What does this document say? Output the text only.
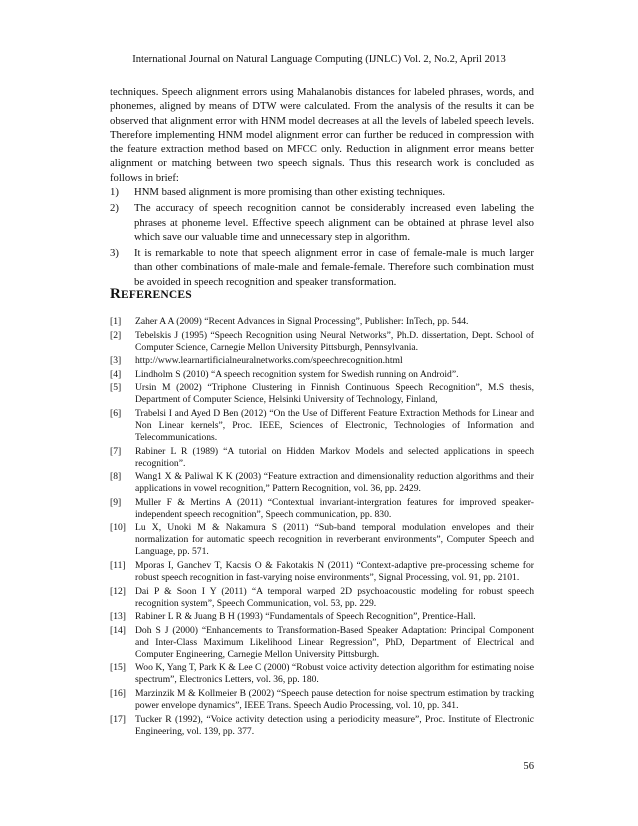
International Journal on Natural Language Computing (IJNLC) Vol. 2, No.2, April 2013

techniques. Speech alignment errors using Mahalanobis distances for labeled phrases, words, and phonemes, aligned by means of DTW were calculated. From the analysis of the results it can be observed that alignment error with HNM model decreases at all the levels of labeled speech levels. Therefore implementing HNM model alignment error can further be reduced in compression with the feature extraction method based on MFCC only. Reduction in alignment error means better alignment or matching between two speech signals. Thus this research work is concluded as follows in brief:

1)	HNM based alignment is more promising than other existing techniques.
2)	The accuracy of speech recognition cannot be considerably increased even labeling the phrases at phoneme level. Effective speech alignment can be obtained at phrase level also which save our valuable time and unnecessary step in algorithm.
3)	It is remarkable to note that speech alignment error in case of female-male is much larger than other combinations of male-male and female-female. Therefore such combination must be avoided in speech recognition and speaker transformation.
REFERENCES
[1] Zaher A A (2009) “Recent Advances in Signal Processing”, Publisher: InTech, pp. 544.
[2] Tebelskis J (1995) “Speech Recognition using Neural Networks”, Ph.D. dissertation, Dept. School of Computer Science, Carnegie Mellon University Pittsburgh, Pennsylvania.
[3] http://www.learnartificialneuralnetworks.com/speechrecognition.html
[4] Lindholm S (2010) “A speech recognition system for Swedish running on Android”.
[5] Ursin M (2002) “Triphone Clustering in Finnish Continuous Speech Recognition”, M.S thesis, Department of Computer Science, Helsinki University of Technology, Finland,
[6] Trabelsi I and Ayed D Ben (2012) “On the Use of Different Feature Extraction Methods for Linear and Non Linear kernels”, Proc. IEEE, Sciences of Electronic, Technologies of Information and Telecommunications.
[7] Rabiner L R (1989) “A tutorial on Hidden Markov Models and selected applications in speech recognition”.
[8] Wang1 X & Paliwal K K (2003) “Feature extraction and dimensionality reduction algorithms and their applications in vowel recognition,” Pattern Recognition, vol. 36, pp. 2429.
[9] Muller F & Mertins A (2011) “Contextual invariant-intergration features for improved speaker-independent speech recognition”, Speech communication, pp. 830.
[10] Lu X, Unoki M & Nakamura S (2011) “Sub-band temporal modulation envelopes and their normalization for automatic speech recognition in reverberant environments”, Computer Speech and Language, pp. 571.
[11] Mporas I, Ganchev T, Kacsis O & Fakotakis N (2011) “Context-adaptive pre-processing scheme for robust speech recognition in fast-varying noise environments”, Signal Processing, vol. 91, pp. 2101.
[12] Dai P & Soon I Y (2011) “A temporal warped 2D psychoacoustic modeling for robust speech recognition system”, Speech Communication, vol. 53, pp. 229.
[13] Rabiner L R & Juang B H (1993) “Fundamentals of Speech Recognition”, Prentice-Hall.
[14] Doh S J (2000) “Enhancements to Transformation-Based Speaker Adaptation: Principal Component and Inter-Class Maximum Likelihood Linear Regression”, PhD, Department of Electrical and Computer Engineering, Carnegie Mellon University Pittsburgh.
[15] Woo K, Yang T, Park K & Lee C (2000) “Robust voice activity detection algorithm for estimating noise spectrum”, Electronics Letters, vol. 36, pp. 180.
[16] Marzinzik M & Kollmeier B (2002) “Speech pause detection for noise spectrum estimation by tracking power envelope dynamics”, IEEE Trans. Speech Audio Processing, vol. 10, pp. 341.
[17] Tucker R (1992), “Voice activity detection using a periodicity measure”, Proc. Institute of Electronic Engineering, vol. 139, pp. 377.
56
